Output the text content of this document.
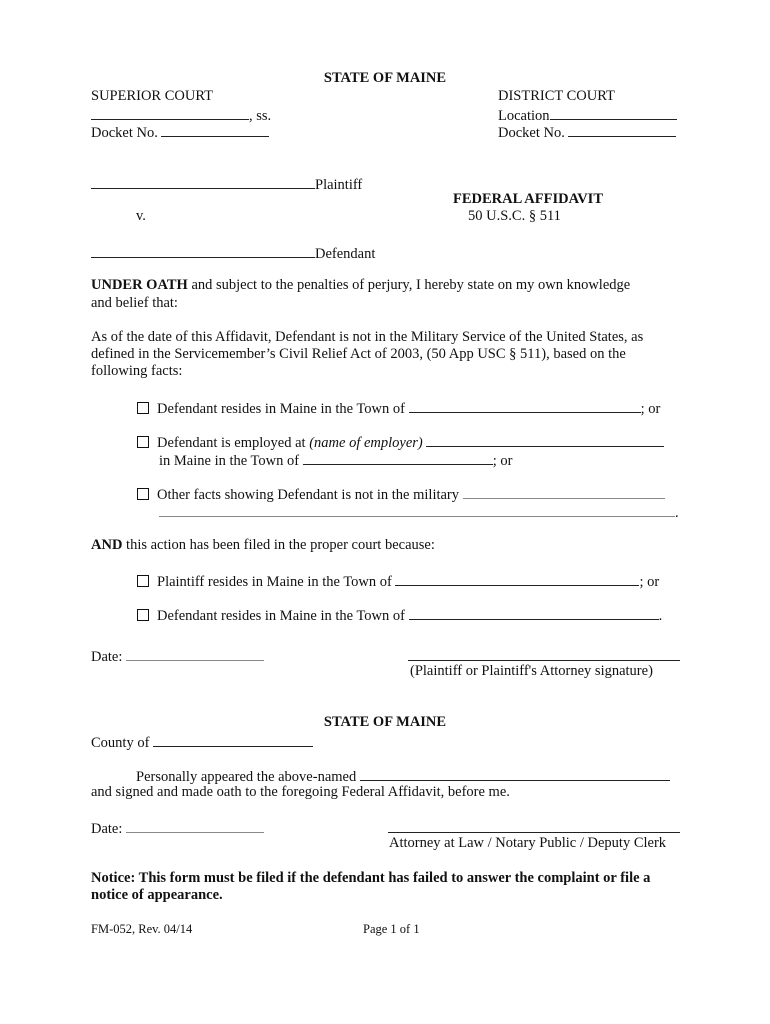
STATE OF MAINE
SUPERIOR COURT
, ss.
Docket No.
DISTRICT COURT
Location
Docket No.
Plaintiff
v.
Defendant
FEDERAL AFFIDAVIT
50 U.S.C. § 511
UNDER OATH and subject to the penalties of perjury, I hereby state on my own knowledge
and belief that:
As of the date of this Affidavit, Defendant is not in the Military Service of the United States, as
defined in the Servicemember’s Civil Relief Act of 2003, (50 App USC § 511), based on the
following facts:
Defendant resides in Maine in the Town of	; or
Defendant is employed at (name of employer)
in Maine in the Town of	; or
Other facts showing Defendant is not in the military
.
AND this action has been filed in the proper court because:
Plaintiff resides in Maine in the Town of	; or
Defendant resides in Maine in the Town of	.
Date:
(Plaintiff or Plaintiff's Attorney signature)
STATE OF MAINE
County of
Personally appeared the above-named
and signed and made oath to the foregoing Federal Affidavit, before me.
Date:
Attorney at Law / Notary Public / Deputy Clerk
Notice: This form must be filed if the defendant has failed to answer the complaint or file a
notice of appearance.
FM-052, Rev. 04/14	Page 1 of 1
